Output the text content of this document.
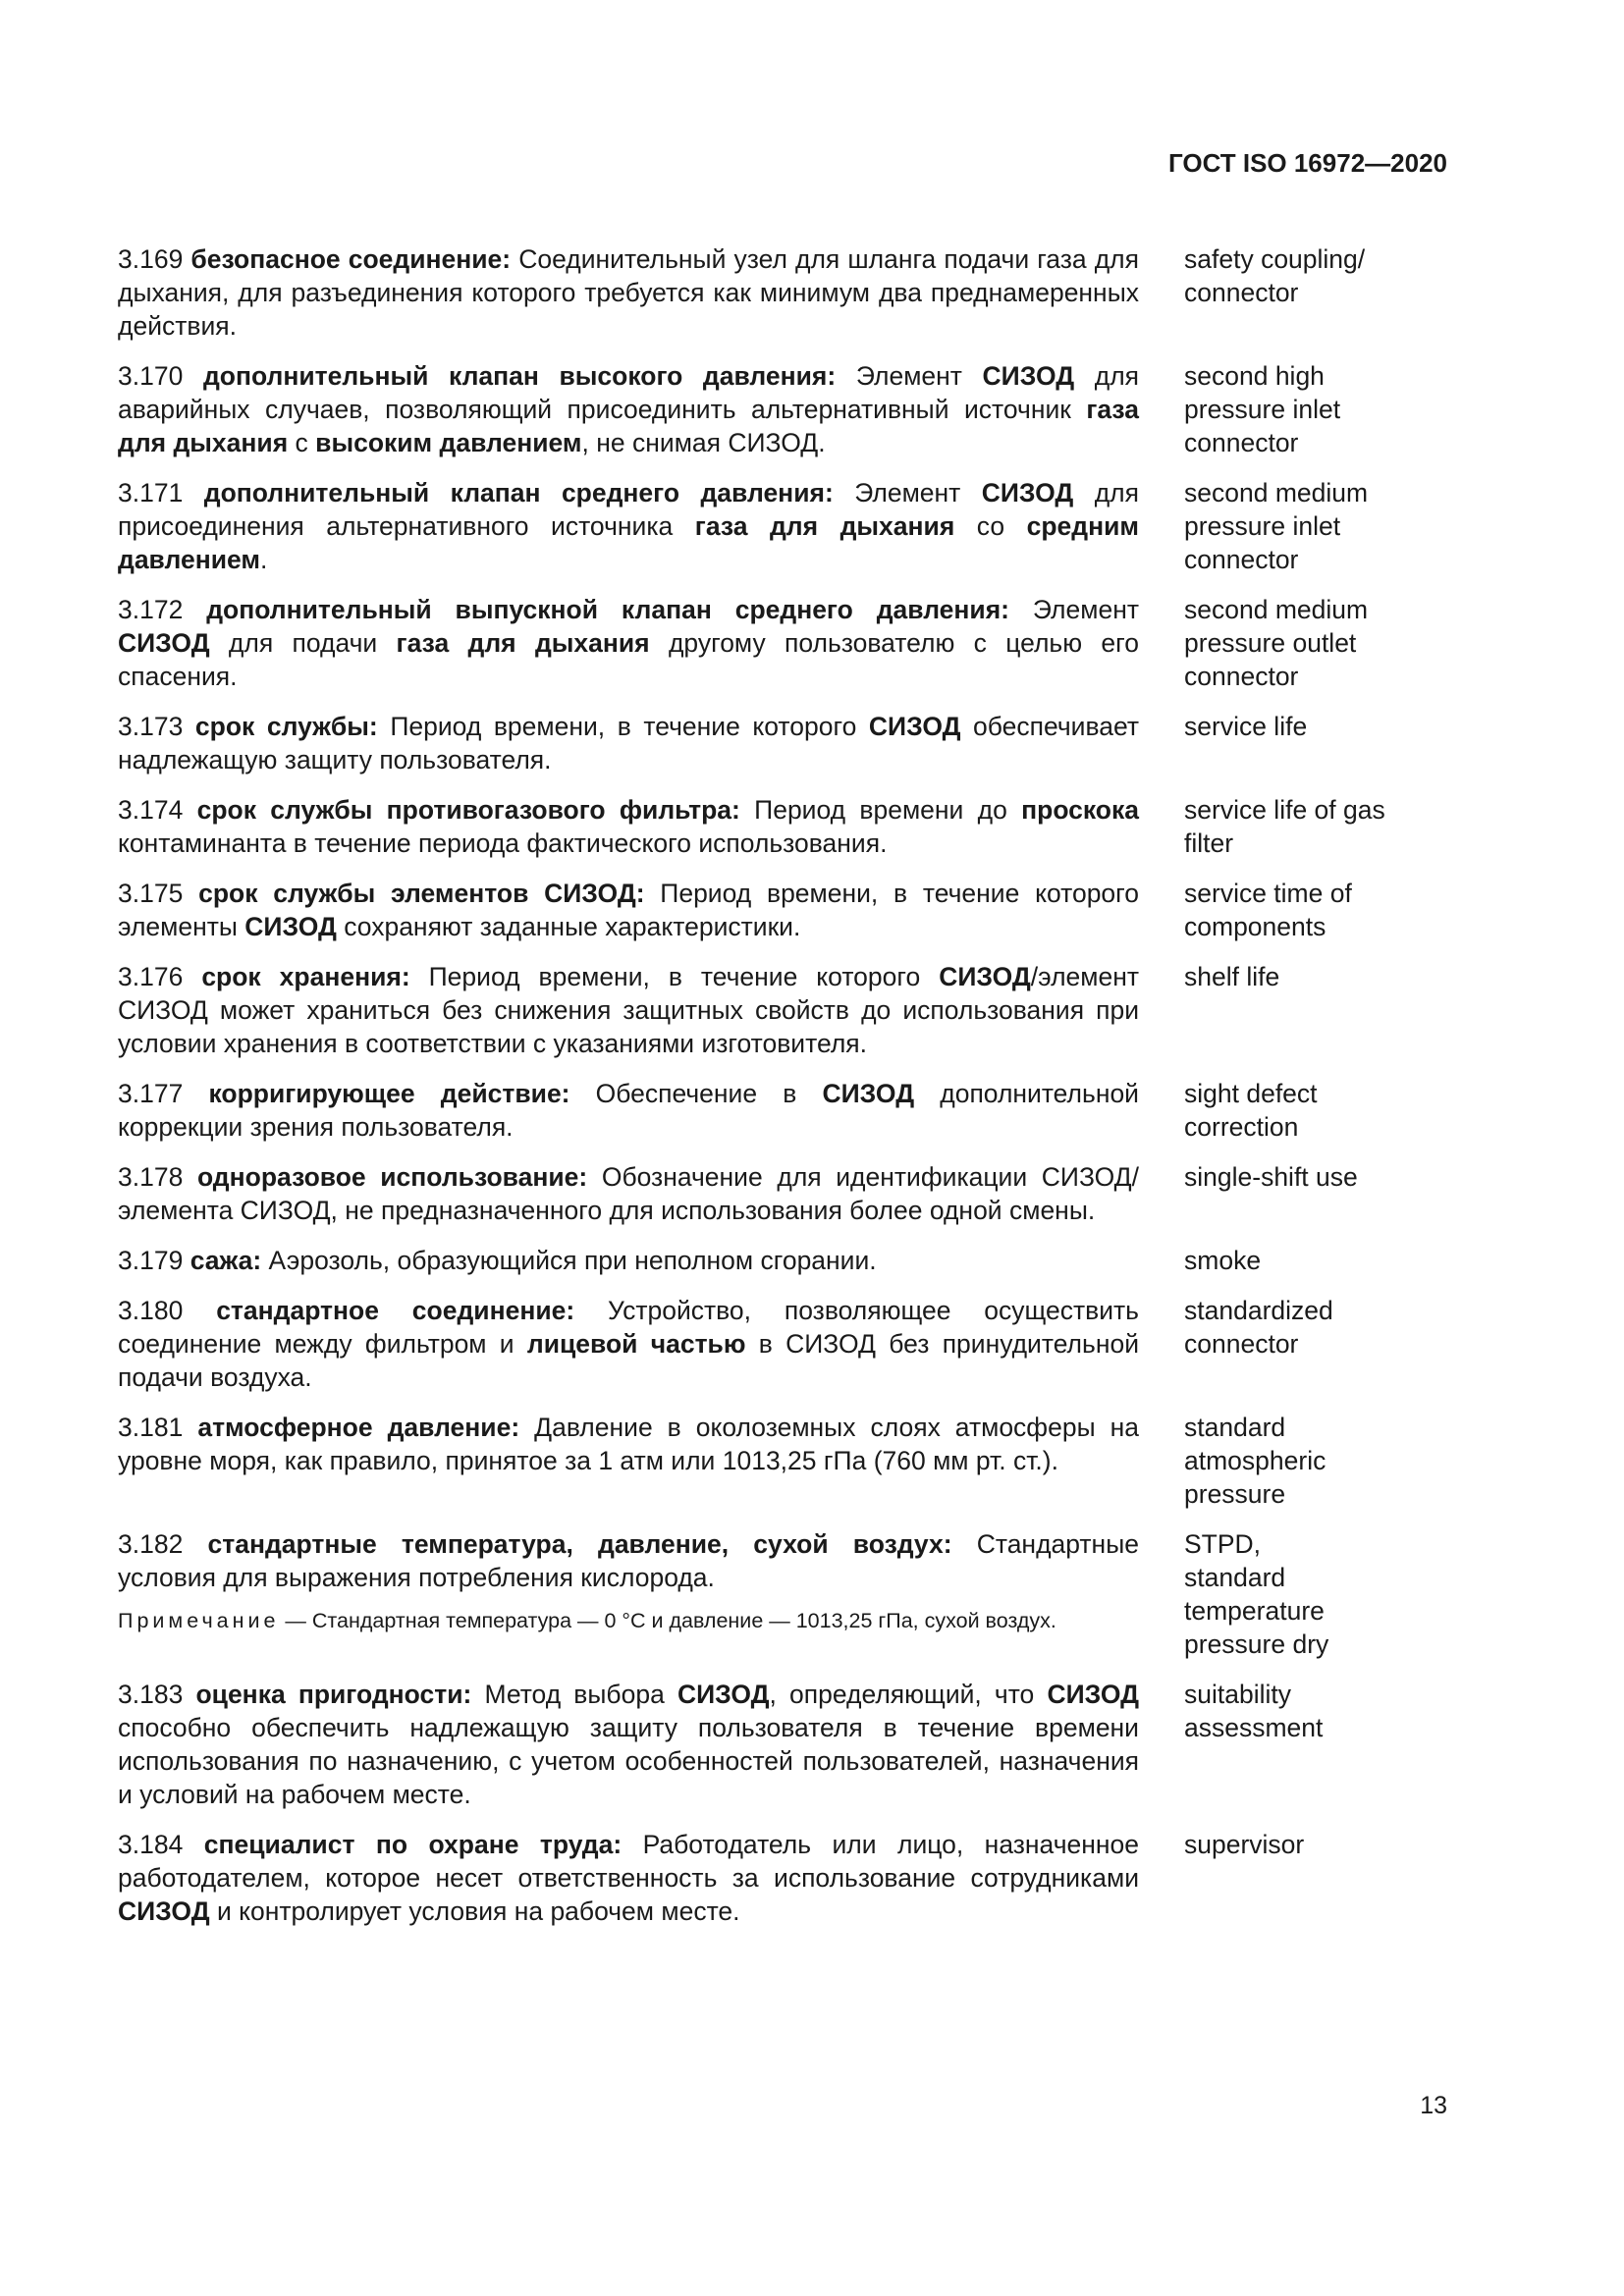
ГОСТ ISO 16972—2020
3.169 безопасное соединение: Соединительный узел для шланга подачи газа для дыхания, для разъединения которого требуется как минимум два преднамеренных действия.
safety coupling/
connector
3.170 дополнительный клапан высокого давления: Элемент СИЗОД для аварийных случаев, позволяющий присоединить альтернативный источник газа для дыхания с высоким давлением, не снимая СИЗОД.
second high
pressure inlet
connector
3.171 дополнительный клапан среднего давления: Элемент СИЗОД для присоединения альтернативного источника газа для дыхания со средним давлением.
second medium
pressure inlet
connector
3.172 дополнительный выпускной клапан среднего давления: Элемент СИЗОД для подачи газа для дыхания другому пользователю с целью его спасения.
second medium
pressure outlet
connector
3.173 срок службы: Период времени, в течение которого СИЗОД обеспечивает надлежащую защиту пользователя.
service life
3.174 срок службы противогазового фильтра: Период времени до проскока контаминанта в течение периода фактического использования.
service life of gas
filter
3.175 срок службы элементов СИЗОД: Период времени, в течение которого элементы СИЗОД сохраняют заданные характеристики.
service time of
components
3.176 срок хранения: Период времени, в течение которого СИЗОД/элемент СИЗОД может храниться без снижения защитных свойств до использования при условии хранения в соответствии с указаниями изготовителя.
shelf life
3.177 корригирующее действие: Обеспечение в СИЗОД дополнительной коррекции зрения пользователя.
sight defect
correction
3.178 одноразовое использование: Обозначение для идентификации СИЗОД/элемента СИЗОД, не предназначенного для использования более одной смены.
single-shift use
3.179 сажа: Аэрозоль, образующийся при неполном сгорании.	smoke
3.180 стандартное соединение: Устройство, позволяющее осуществить соединение между фильтром и лицевой частью в СИЗОД без принудительной подачи воздуха.
standardized
connector
3.181 атмосферное давление: Давление в околоземных слоях атмосферы на уровне моря, как правило, принятое за 1 атм или 1013,25 гПа (760 мм рт. ст.).
standard
atmospheric
pressure
3.182 стандартные температура, давление, сухой воздух: Стандартные условия для выражения потребления кислорода.
Примечание — Стандартная температура — 0 °С и давление — 1013,25 гПа, сухой воздух.
STPD,
standard
temperature
pressure dry
3.183 оценка пригодности: Метод выбора СИЗОД, определяющий, что СИЗОД способно обеспечить надлежащую защиту пользователя в течение времени использования по назначению, с учетом особенностей пользователей, назначения и условий на рабочем месте.
suitability
assessment
3.184 специалист по охране труда: Работодатель или лицо, назначенное работодателем, которое несет ответственность за использование сотрудниками СИЗОД и контролирует условия на рабочем месте.
supervisor
13
